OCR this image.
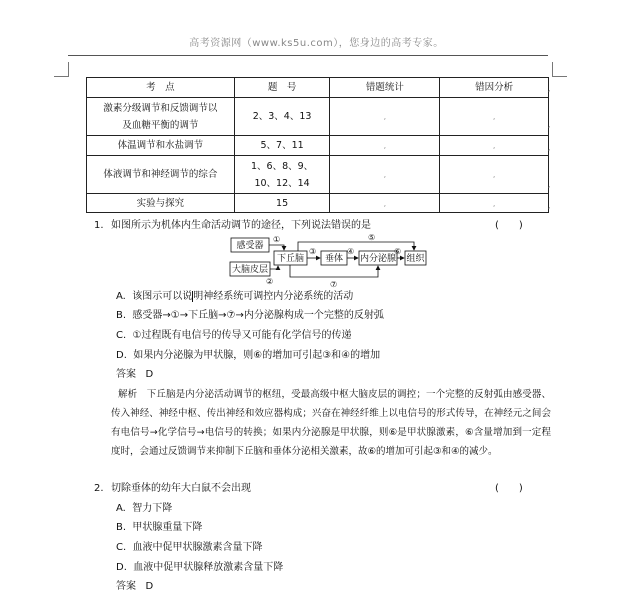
高考资源网（www.ks5u.com），您身边的高考专家。
考　点	题　号	错题统计	错因分析

激素分级调节和反馈调节以
及血糖平衡的调节	2、3、4、13	,	,
体温调节和水盐调节	5、7、11	,	,
体液调节和神经调节的综合	1、6、8、9、
10、12、14	,	,
实验与探究	15	,	,
1. 如图所示为机体内生命活动调节的途径，下列说法错误的是	(　　)
感受器
大脑皮层
下丘脑 垂体 内分泌腺 组织
①
②
③	④
⑤
⑥
⑦
A. 该图示可以说明神经系统可调控内分泌系统的活动
B. 感受器→①→下丘脑→⑦→内分泌腺构成一个完整的反射弧
C. ①过程既有电信号的传导又可能有化学信号的传递
D. 如果内分泌腺为甲状腺，则⑥的增加可引起③和④的增加
答案 D
解析 下丘脑是内分泌活动调节的枢纽，受最高级中枢大脑皮层的调控；一个完整的反射弧由感受器、传入神经、神经中枢、传出神经和效应器构成；兴奋在神经纤维上以电信号的形式传导，在神经元之间会有电信号→化学信号→电信号的转换；如果内分泌腺是甲状腺，则⑥是甲状腺激素，⑥含量增加到一定程度时，会通过反馈调节来抑制下丘脑和垂体分泌相关激素，故⑥的增加可引起③和④的减少。
2. 切除垂体的幼年大白鼠不会出现	(　　)
A. 智力下降
B. 甲状腺重量下降
C. 血液中促甲状腺激素含量下降
D. 血液中促甲状腺释放激素含量下降
答案 D
,
,
,
,
,
